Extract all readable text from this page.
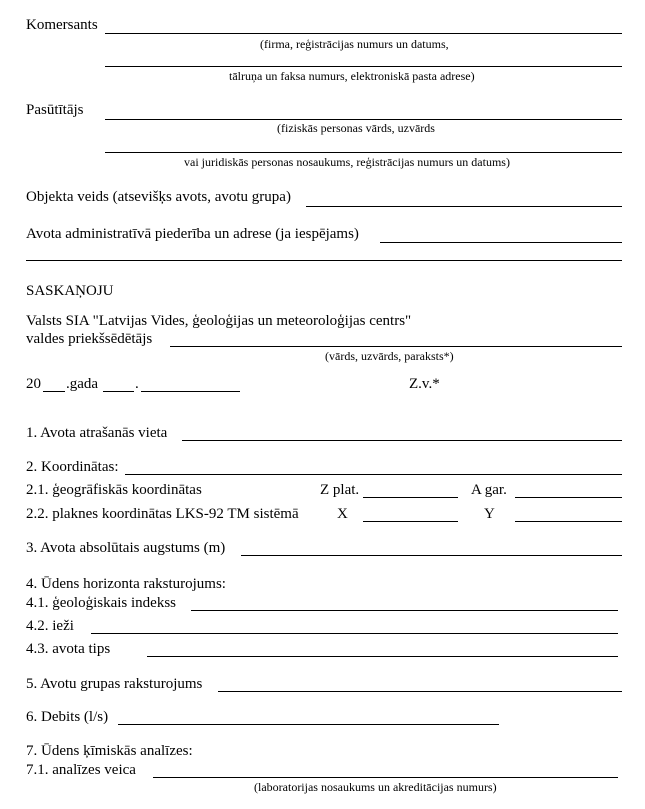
Komersants
(firma, reģistrācijas numurs un datums,
tālruņa un faksa numurs, elektroniskā pasta adrese)
Pasūtītājs
(fiziskās personas vārds, uzvārds
vai juridiskās personas nosaukums, reģistrācijas numurs un datums)
Objekta veids (atsevišķs avots, avotu grupa)
Avota administratīvā piederība un adrese (ja iespējams)
SASKAŅOJU
Valsts SIA "Latvijas Vides, ģeoloģijas un meteoroloģijas centrs"
valdes priekšsēdētājs
(vārds, uzvārds, paraksts*)
20 .gada .	Z.v.*
1. Avota atrašanās vieta
2. Koordinātas:
2.1. ģeogrāfiskās koordinātas	Z plat.	A gar.
2.2. plaknes koordinātas LKS-92 TM sistēmā	X	Y
3. Avota absolūtais augstums (m)
4. Ūdens horizonta raksturojums:
4.1. ģeoloģiskais indekss
4.2. ieži
4.3. avota tips
5. Avotu grupas raksturojums
6. Debits (l/s)
7. Ūdens ķīmiskās analīzes:
7.1. analīzes veica
(laboratorijas nosaukums un akreditācijas numurs)
